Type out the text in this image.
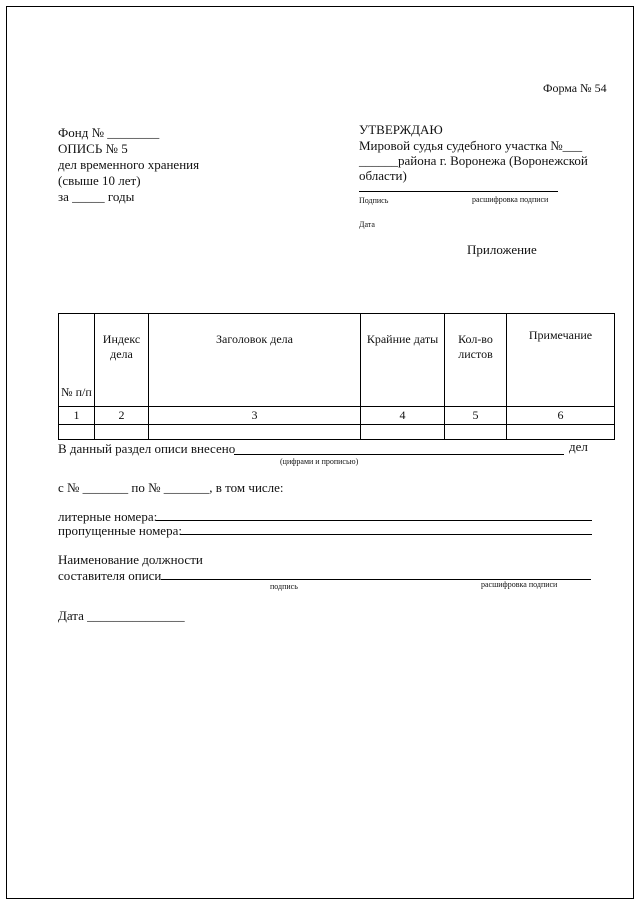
Форма № 54
Фонд № ________
ОПИСЬ № 5
дел временного хранения
(свыше 10 лет)
за _____ годы
УТВЕРЖДАЮ
Мировой судья судебного участка №___
______района г. Воронежа (Воронежской
области)
Подпись	расшифровка подписи
Дата
Приложение
№ п/п	Индекс дела	Заголовок дела	Крайние даты	Кол-во листов	Примечание
1	2	3	4	5	6

В данный раздел описи внесено	дел
(цифрами и прописью)
с № _______ по № _______, в том числе:
литерные номера:
пропущенные номера:
Наименование должности
составителя описи
подпись	расшифровка подписи
Дата _______________
